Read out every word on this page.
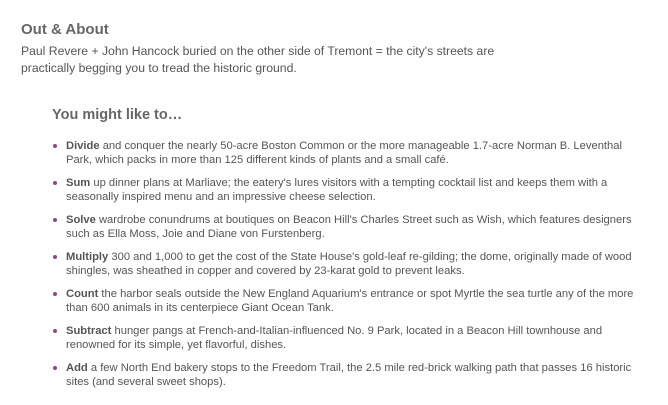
Out & About

Paul Revere + John Hancock buried on the other side of Tremont = the city's streets are practically begging you to tread the historic ground.

You might like to…
Divide and conquer the nearly 50-acre Boston Common or the more manageable 1.7-acre Norman B. Leventhal Park, which packs in more than 125 different kinds of plants and a small café.
Sum up dinner plans at Marliave; the eatery's lures visitors with a tempting cocktail list and keeps them with a seasonally inspired menu and an impressive cheese selection.
Solve wardrobe conundrums at boutiques on Beacon Hill's Charles Street such as Wish, which features designers such as Ella Moss, Joie and Diane von Furstenberg.
Multiply 300 and 1,000 to get the cost of the State House's gold-leaf re-gilding; the dome, originally made of wood shingles, was sheathed in copper and covered by 23-karat gold to prevent leaks.
Count the harbor seals outside the New England Aquarium's entrance or spot Myrtle the sea turtle any of the more than 600 animals in its centerpiece Giant Ocean Tank.
Subtract hunger pangs at French-and-Italian-influenced No. 9 Park, located in a Beacon Hill townhouse and renowned for its simple, yet flavorful, dishes.
Add a few North End bakery stops to the Freedom Trail, the 2.5 mile red-brick walking path that passes 16 historic sites (and several sweet shops).
